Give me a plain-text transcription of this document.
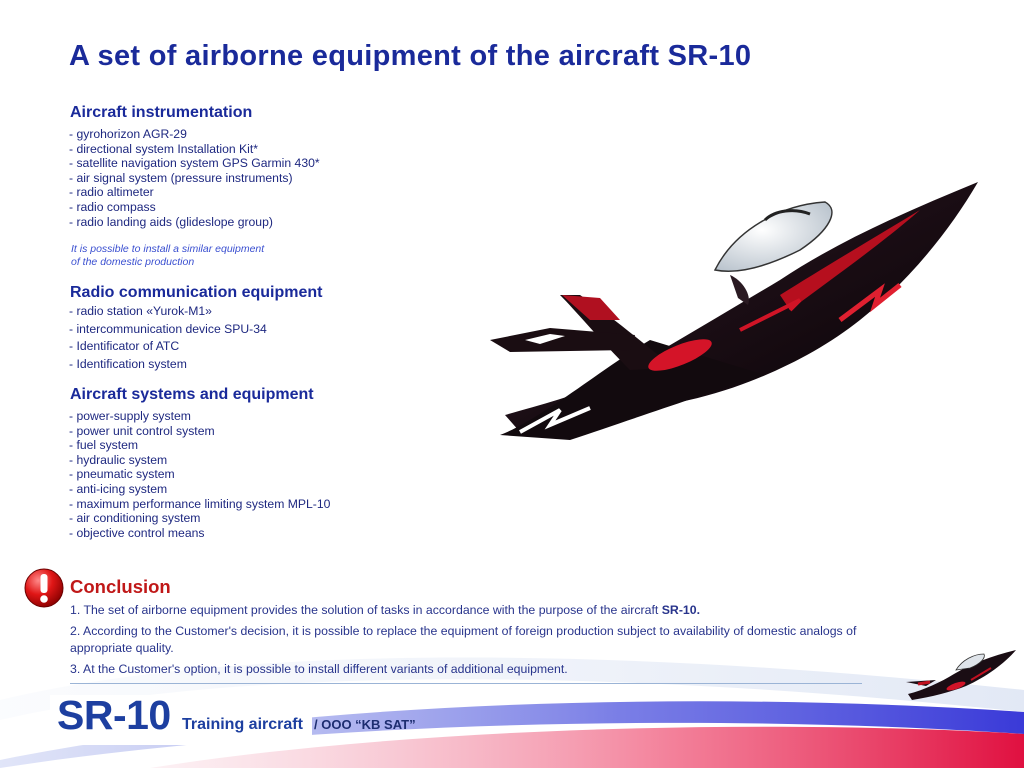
A set of airborne equipment of the aircraft SR-10
Aircraft instrumentation
- gyrohorizon AGR-29
- directional system Installation Kit*
- satellite navigation system GPS Garmin 430*
- air signal system (pressure instruments)
- radio altimeter
- radio compass
- radio landing aids (glideslope group)
It is possible to install a similar equipment
of the domestic production
Radio communication equipment
- radio station «Yurok-M1»
- intercommunication device SPU-34
- Identificator of ATC
- Identification system
Aircraft systems and equipment
- power-supply system
- power unit control system
- fuel system
- hydraulic system
- pneumatic system
- anti-icing system
- maximum performance limiting system MPL-10
- air conditioning system
- objective control means
Conclusion
1. The set of airborne equipment provides the solution of tasks in accordance with the purpose of the aircraft SR-10.
2. According to the Customer's decision, it is possible to replace the equipment of foreign production subject to availability of domestic analogs of appropriate quality.
3. At the Customer's option, it is possible to install different variants of additional equipment.
SR-10 Training aircraft / OOO “KB SAT”
